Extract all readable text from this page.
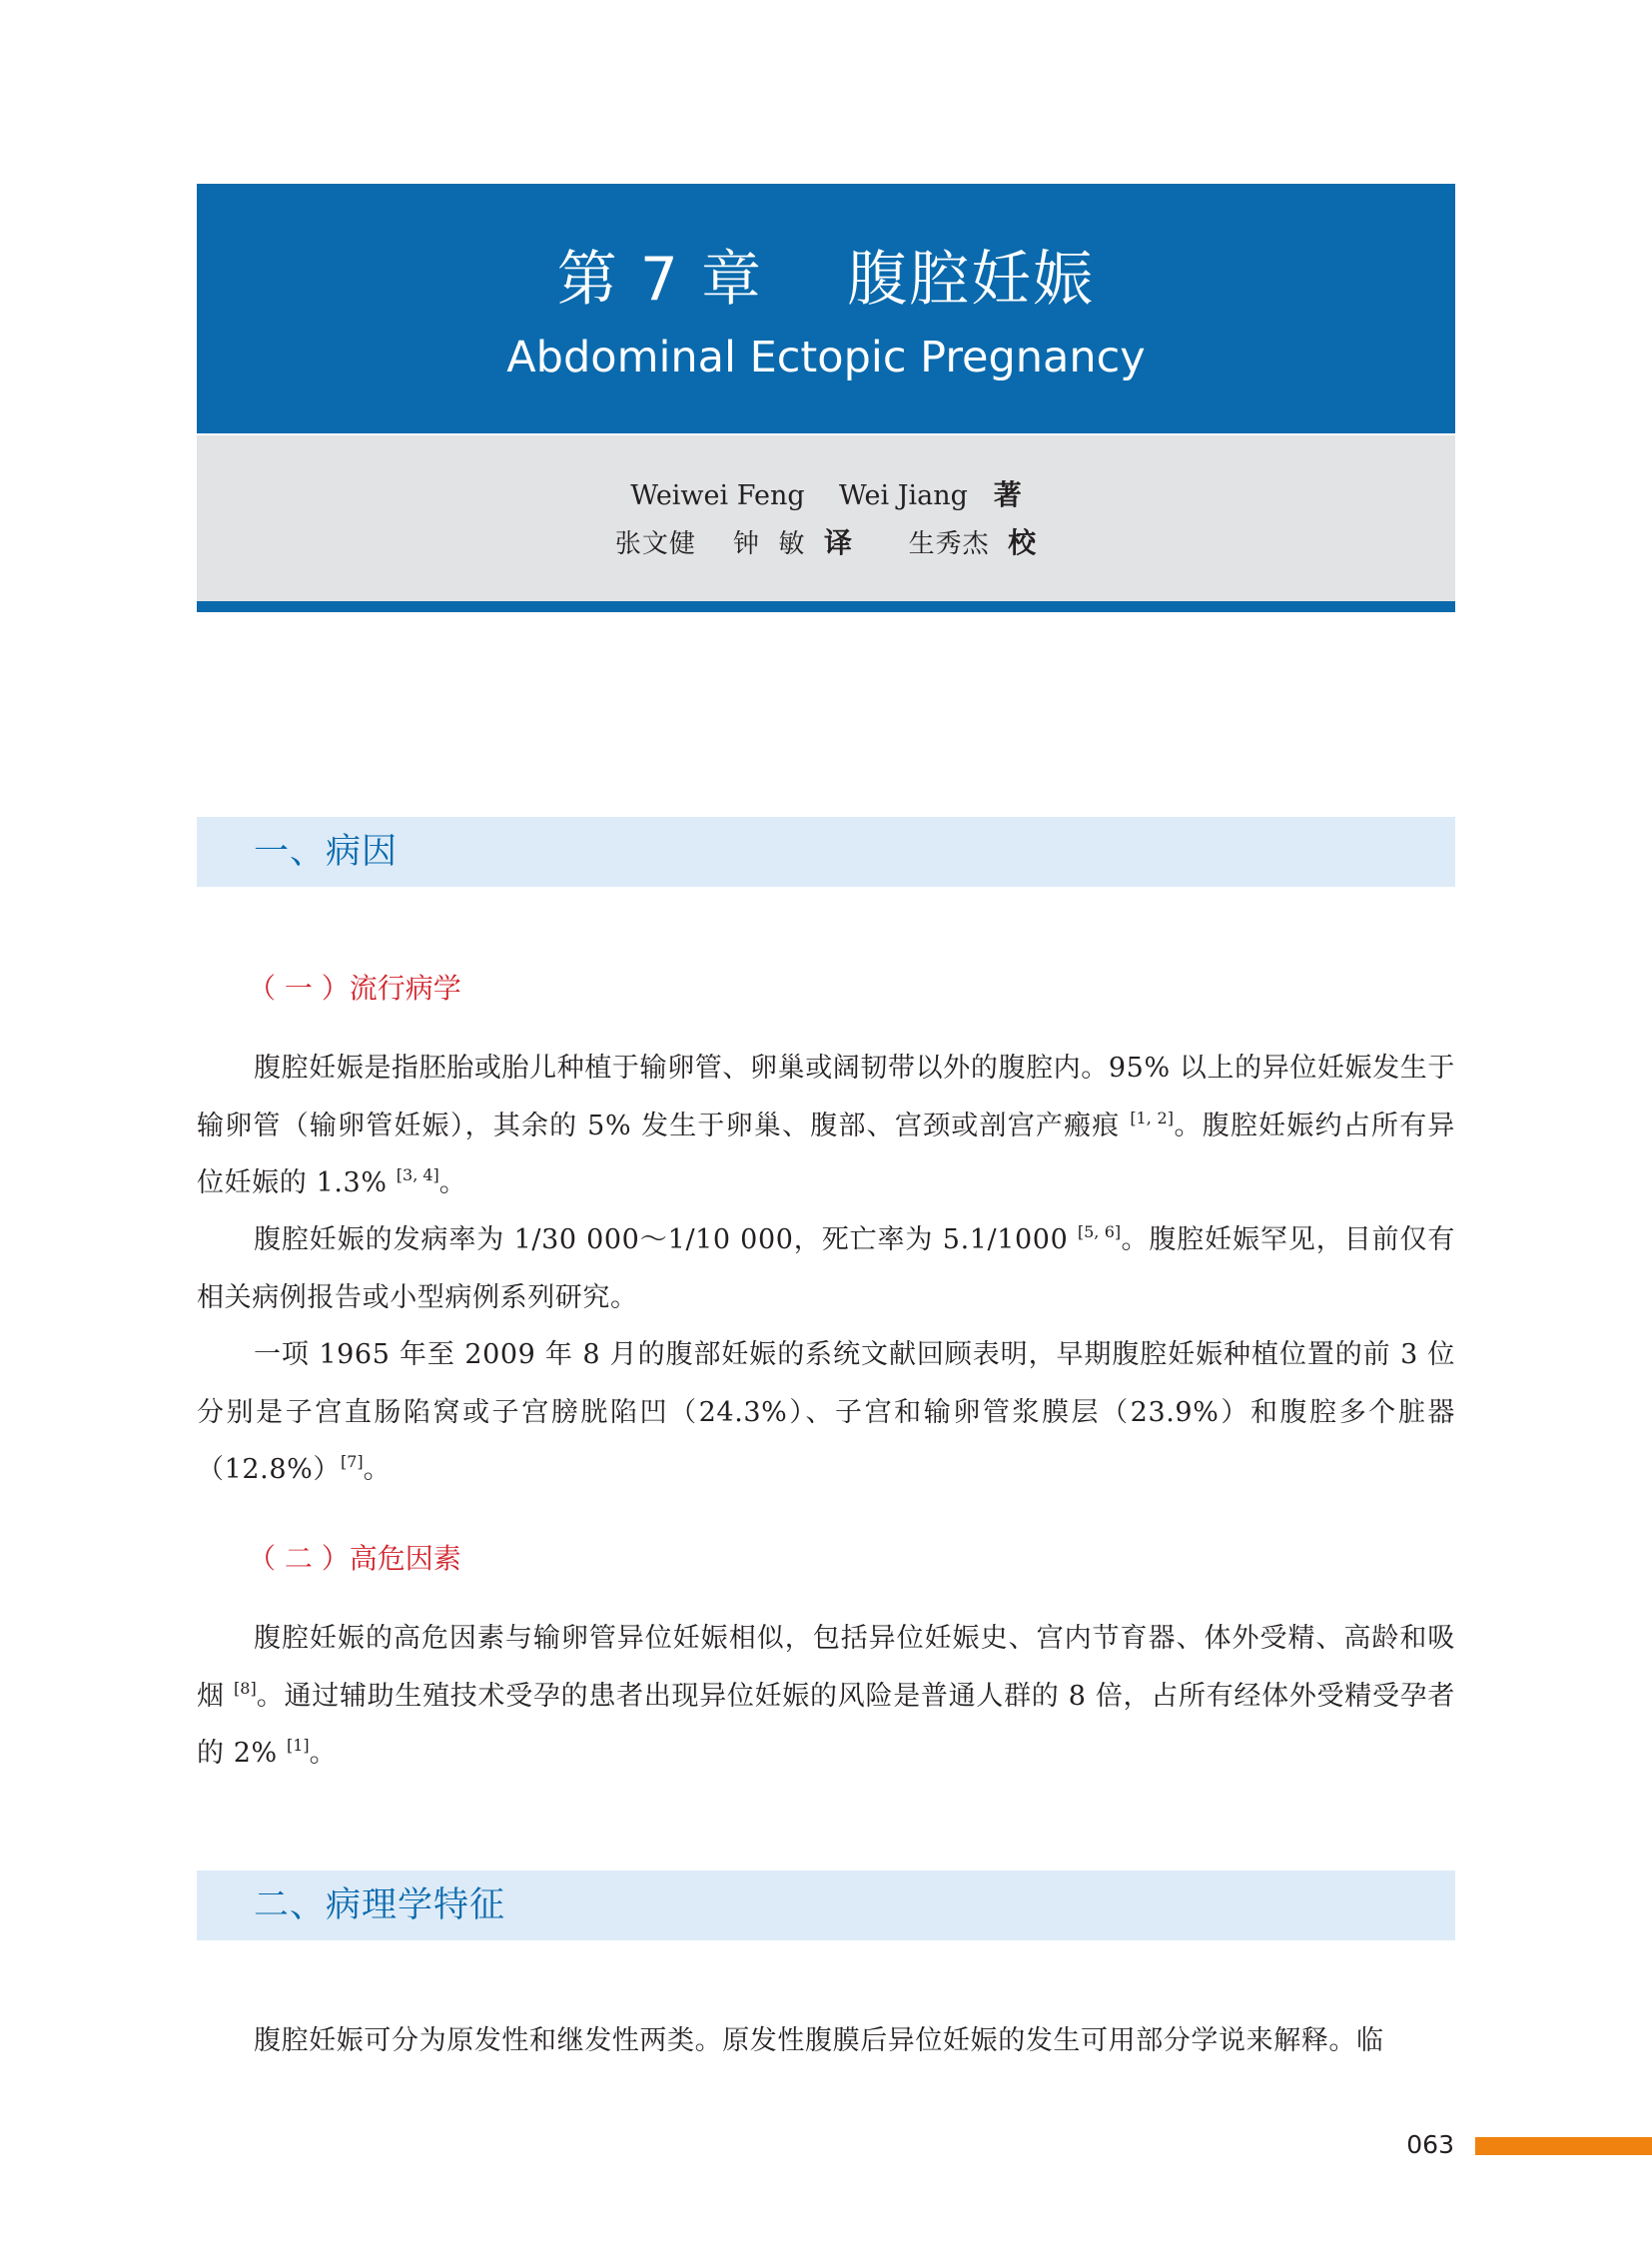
第 7 章    腹腔妊娠
Abdominal Ectopic Pregnancy
Weiwei Feng    Wei Jiang 著
张文健    钟  敏 译 生秀杰 校
一、病因
（ 一 ）流行病学

腹腔妊娠是指胚胎或胎儿种植于输卵管、卵巢或阔韧带以外的腹腔内。95% 以上的异位妊娠发生于输卵管（输卵管妊娠），其余的 5% 发生于卵巢、腹部、宫颈或剖宫产瘢痕 [1, 2]。腹腔妊娠约占所有异位妊娠的 1.3% [3, 4]。

腹腔妊娠的发病率为 1/30 000～1/10 000，死亡率为 5.1/1000 [5, 6]。腹腔妊娠罕见，目前仅有相关病例报告或小型病例系列研究。

一项 1965 年至 2009 年 8 月的腹部妊娠的系统文献回顾表明，早期腹腔妊娠种植位置的前 3 位分别是子宫直肠陷窝或子宫膀胱陷凹（24.3%）、子宫和输卵管浆膜层（23.9%）和腹腔多个脏器（12.8%）[7]。

（ 二 ）高危因素

腹腔妊娠的高危因素与输卵管异位妊娠相似，包括异位妊娠史、宫内节育器、体外受精、高龄和吸烟 [8]。通过辅助生殖技术受孕的患者出现异位妊娠的风险是普通人群的 8 倍，占所有经体外受精受孕者的 2% [1]。

二、病理学特征

腹腔妊娠可分为原发性和继发性两类。原发性腹膜后异位妊娠的发生可用部分学说来解释。临

063
